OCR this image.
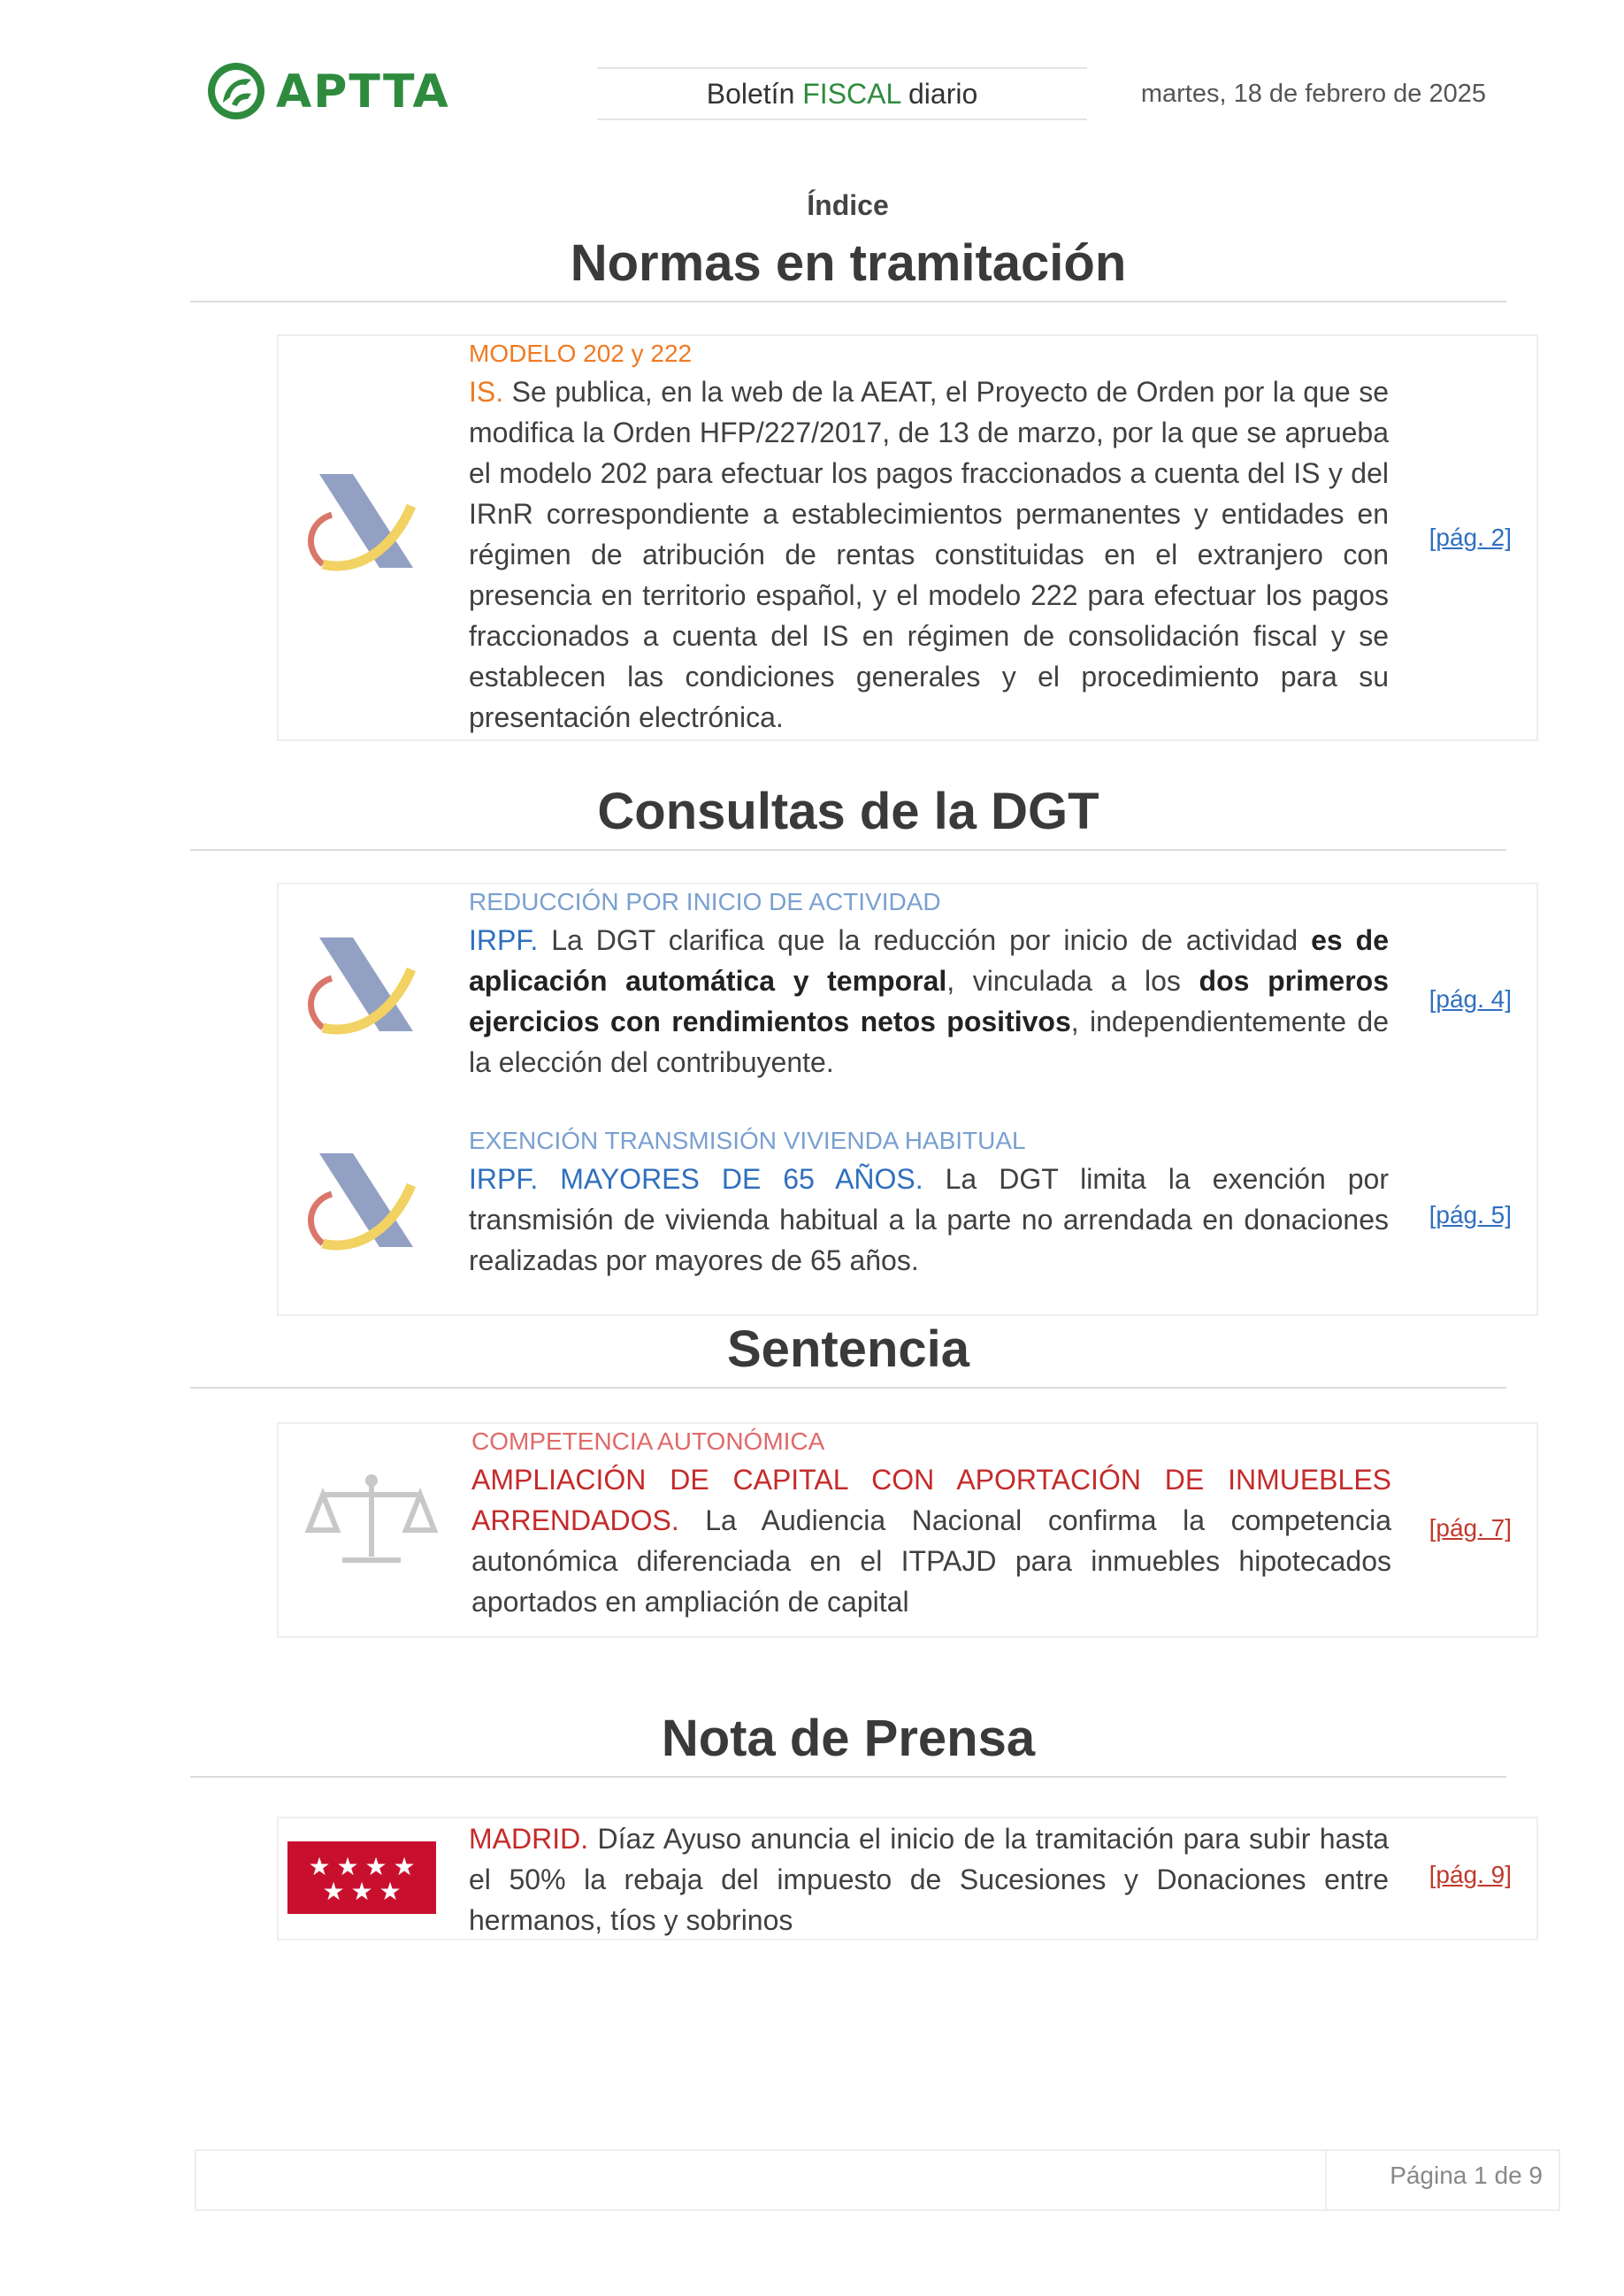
APTTA	Boletín FISCAL diario	martes, 18 de febrero de 2025
Índice
Normas en tramitación
MODELO 202 y 222
IS. Se publica, en la web de la AEAT, el Proyecto de Orden por la que se modifica la Orden HFP/227/2017, de 13 de marzo, por la que se aprueba el modelo 202 para efectuar los pagos fraccionados a cuenta del IS y del IRnR correspondiente a establecimientos permanentes y entidades en régimen de atribución de rentas constituidas en el extranjero con presencia en territorio español, y el modelo 222 para efectuar los pagos fraccionados a cuenta del IS en régimen de consolidación fiscal y se establecen las condiciones generales y el procedimiento para su presentación electrónica.
[pág. 2]
Consultas de la DGT
REDUCCIÓN POR INICIO DE ACTIVIDAD
IRPF. La DGT clarifica que la reducción por inicio de actividad es de aplicación automática y temporal, vinculada a los dos primeros ejercicios con rendimientos netos positivos, independientemente de la elección del contribuyente.
[pág. 4]
EXENCIÓN TRANSMISIÓN VIVIENDA HABITUAL
IRPF. MAYORES DE 65 AÑOS. La DGT limita la exención por transmisión de vivienda habitual a la parte no arrendada en donaciones realizadas por mayores de 65 años.
[pág. 5]
Sentencia
COMPETENCIA AUTONÓMICA
AMPLIACIÓN DE CAPITAL CON APORTACIÓN DE INMUEBLES ARRENDADOS. La Audiencia Nacional confirma la competencia autonómica diferenciada en el ITPAJD para inmuebles hipotecados aportados en ampliación de capital
[pág. 7]
Nota de Prensa
★ ★ ★ ★
★ ★ ★
MADRID. Díaz Ayuso anuncia el inicio de la tramitación para subir hasta el 50% la rebaja del impuesto de Sucesiones y Donaciones entre hermanos, tíos y sobrinos
[pág. 9]
Página 1 de 9
